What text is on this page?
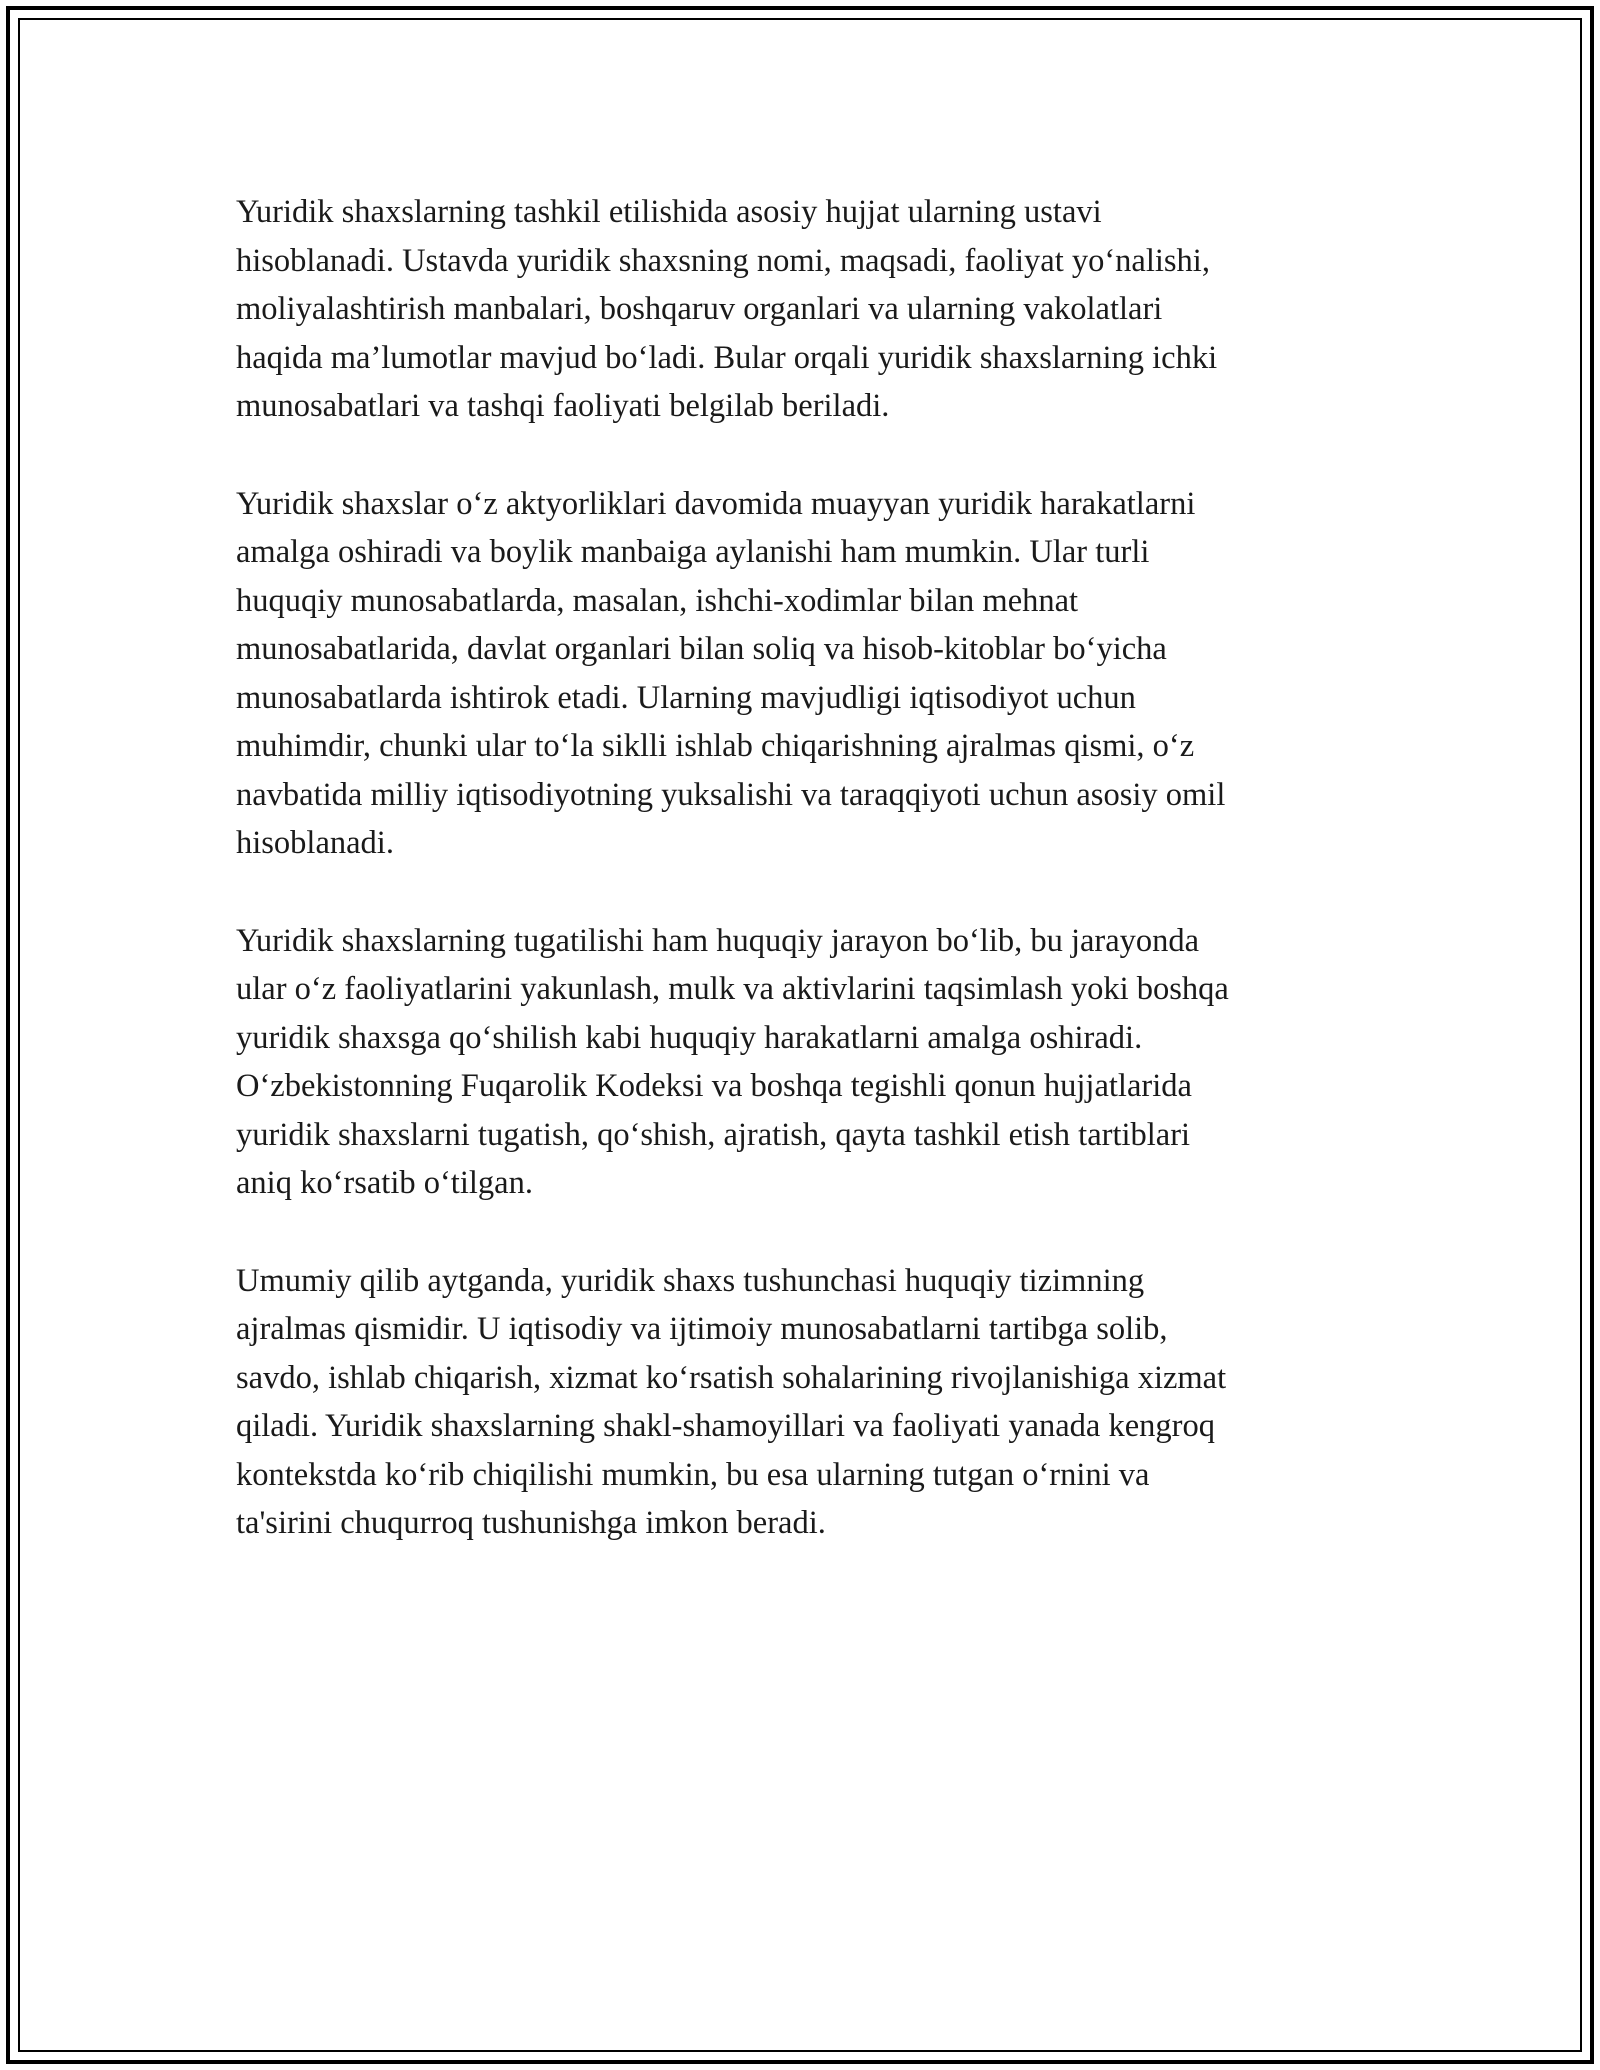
Yuridik shaxslarning tashkil etilishida asosiy hujjat ularning ustavi
hisoblanadi. Ustavda yuridik shaxsning nomi, maqsadi, faoliyat yo‘nalishi,
moliyalashtirish manbalari, boshqaruv organlari va ularning vakolatlari
haqida ma’lumotlar mavjud bo‘ladi. Bular orqali yuridik shaxslarning ichki
munosabatlari va tashqi faoliyati belgilab beriladi.

Yuridik shaxslar o‘z aktyorliklari davomida muayyan yuridik harakatlarni
amalga oshiradi va boylik manbaiga aylanishi ham mumkin. Ular turli
huquqiy munosabatlarda, masalan, ishchi-xodimlar bilan mehnat
munosabatlarida, davlat organlari bilan soliq va hisob-kitoblar bo‘yicha
munosabatlarda ishtirok etadi. Ularning mavjudligi iqtisodiyot uchun
muhimdir, chunki ular to‘la siklli ishlab chiqarishning ajralmas qismi, o‘z
navbatida milliy iqtisodiyotning yuksalishi va taraqqiyoti uchun asosiy omil
hisoblanadi.

Yuridik shaxslarning tugatilishi ham huquqiy jarayon bo‘lib, bu jarayonda
ular o‘z faoliyatlarini yakunlash, mulk va aktivlarini taqsimlash yoki boshqa
yuridik shaxsga qo‘shilish kabi huquqiy harakatlarni amalga oshiradi.
O‘zbekistonning Fuqarolik Kodeksi va boshqa tegishli qonun hujjatlarida
yuridik shaxslarni tugatish, qo‘shish, ajratish, qayta tashkil etish tartiblari
aniq ko‘rsatib o‘tilgan.

Umumiy qilib aytganda, yuridik shaxs tushunchasi huquqiy tizimning
ajralmas qismidir. U iqtisodiy va ijtimoiy munosabatlarni tartibga solib,
savdo, ishlab chiqarish, xizmat ko‘rsatish sohalarining rivojlanishiga xizmat
qiladi. Yuridik shaxslarning shakl-shamoyillari va faoliyati yanada kengroq
kontekstda ko‘rib chiqilishi mumkin, bu esa ularning tutgan o‘rnini va
ta'sirini chuqurroq tushunishga imkon beradi.
